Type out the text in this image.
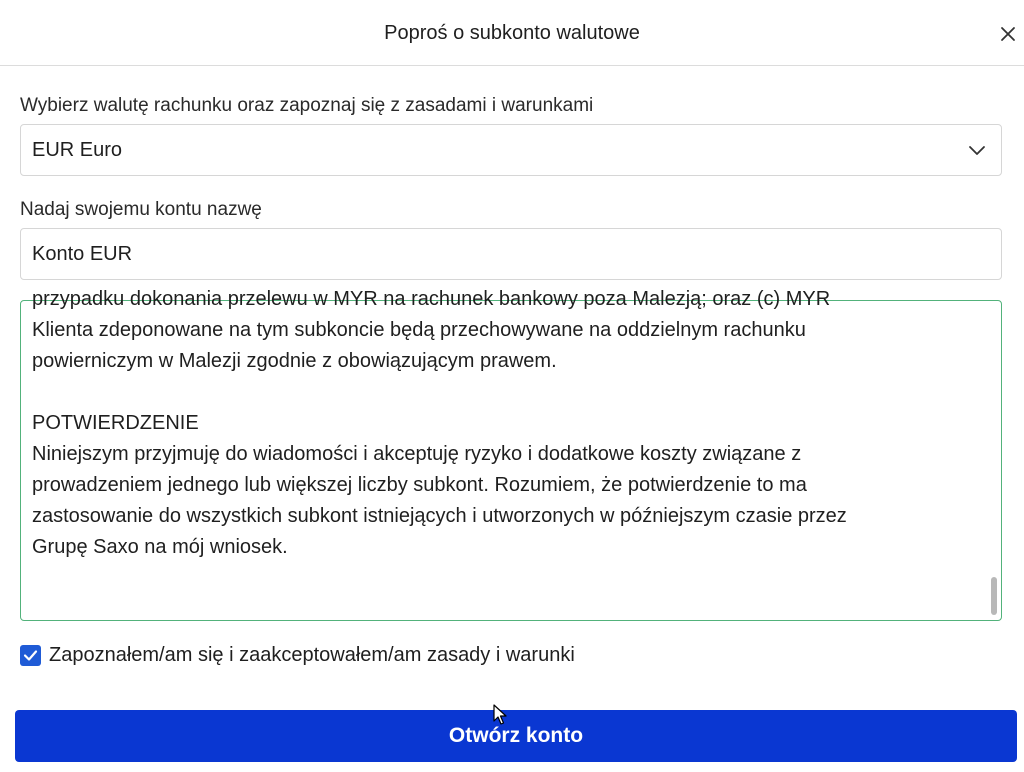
Poproś o subkonto walutowe
Wybierz walutę rachunku oraz zapoznaj się z zasadami i warunkami
EUR Euro
Nadaj swojemu kontu nazwę
Konto EUR

przypadku dokonania przelewu w MYR na rachunek bankowy poza Malezją; oraz (c) MYR

Klienta zdeponowane na tym subkoncie będą przechowywane na oddzielnym rachunku

powierniczym w Malezji zgodnie z obowiązującym prawem.

POTWIERDZENIE

Niniejszym przyjmuję do wiadomości i akceptuję ryzyko i dodatkowe koszty związane z

prowadzeniem jednego lub większej liczby subkont. Rozumiem, że potwierdzenie to ma

zastosowanie do wszystkich subkont istniejących i utworzonych w późniejszym czasie przez

Grupę Saxo na mój wniosek.

Zapoznałem/am się i zaakceptowałem/am zasady i warunki
Otwórz konto
